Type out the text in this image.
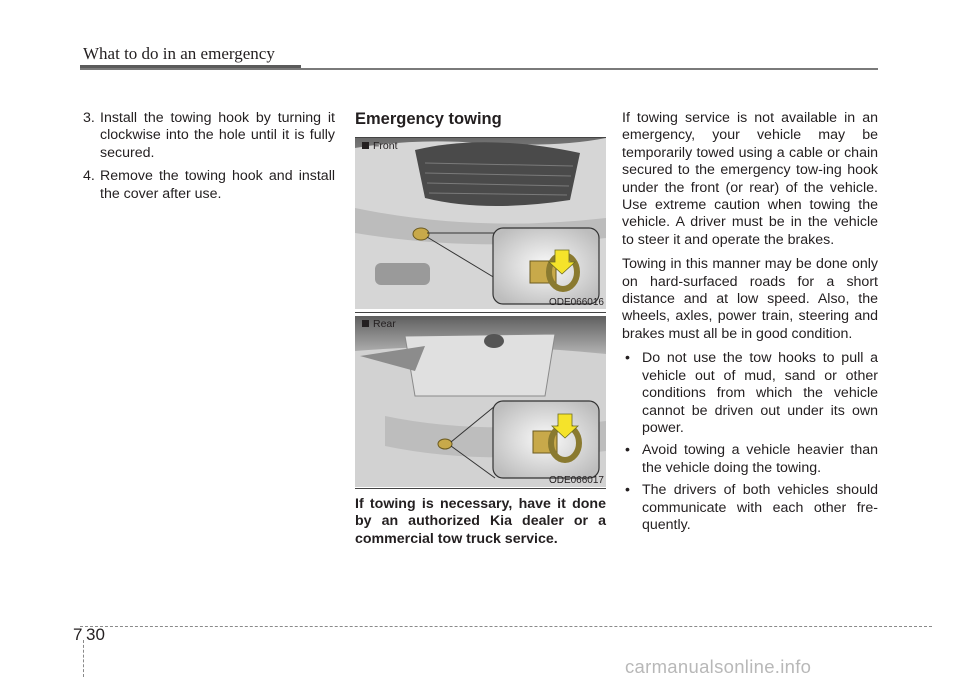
What to do in an emergency
3. Install the towing hook by turning it clockwise into the hole until it is fully secured.
4. Remove the towing hook and install the cover after use.
Emergency towing
Front
ODE066016
Rear
ODE066017
If towing is necessary, have it done by an authorized Kia dealer or a commercial tow truck service.

If towing service is not available in an emergency, your vehicle may be temporarily towed using a cable or chain secured to the emergency tow-ing hook under the front (or rear) of the vehicle. Use extreme caution when towing the vehicle. A driver must be in the vehicle to steer it and operate the brakes.

Towing in this manner may be done only on hard-surfaced roads for a short distance and at low speed. Also, the wheels, axles, power train, steering and brakes must all be in good condition.

• Do not use the tow hooks to pull a vehicle out of mud, sand or other conditions from which the vehicle cannot be driven out under its own power.
• Avoid towing a vehicle heavier than the vehicle doing the towing.
• The drivers of both vehicles should communicate with each other fre-quently.
7 30
carmanualsonline.info
